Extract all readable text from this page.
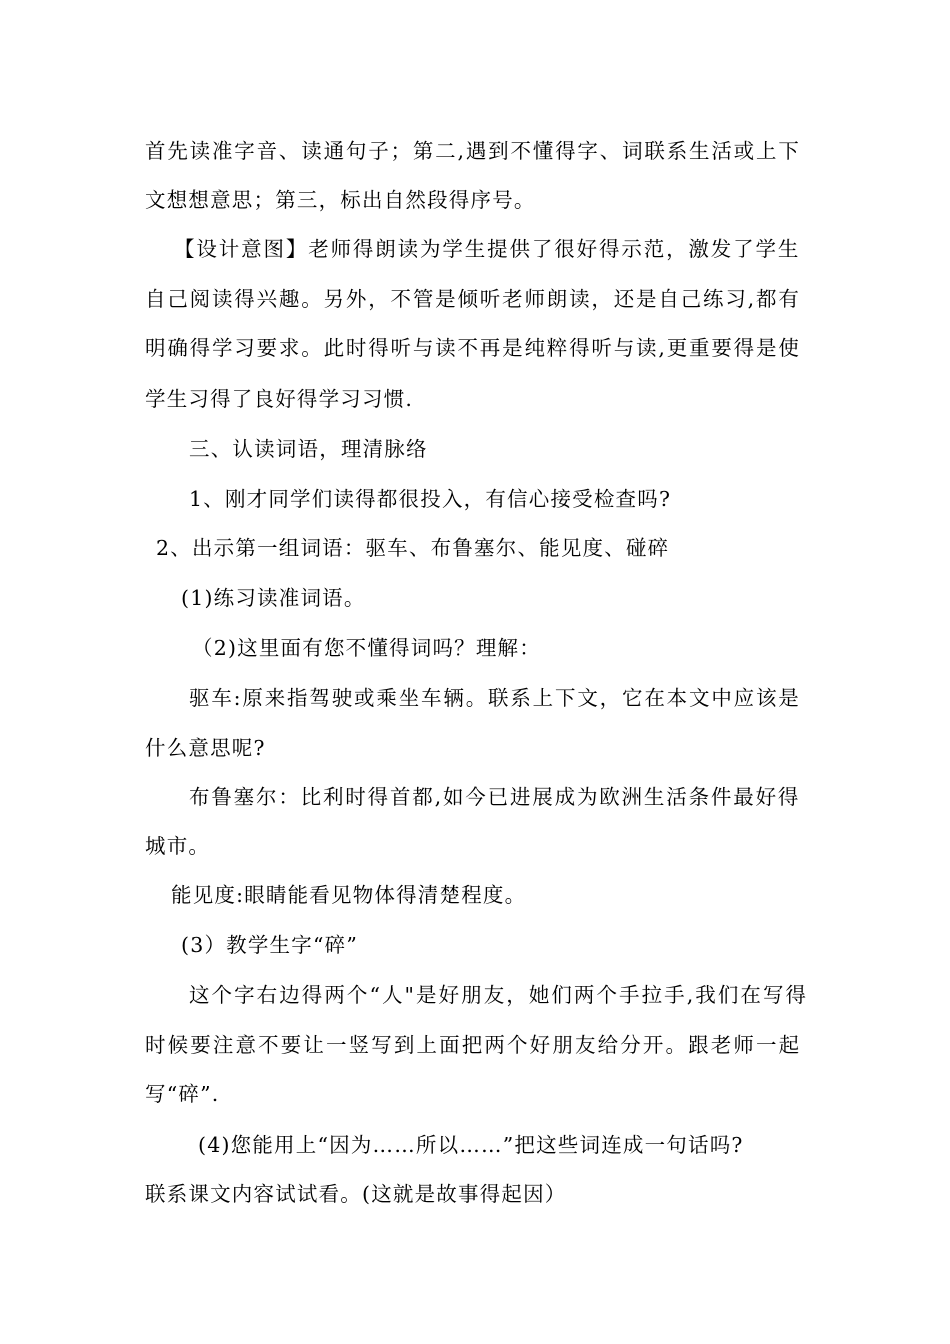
首先读准字音、读通句子；第二,遇到不懂得字、词联系生活或上下
文想想意思；第三，标出自然段得序号。
【设计意图】老师得朗读为学生提供了很好得示范，激发了学生
自己阅读得兴趣。另外，不管是倾听老师朗读，还是自己练习,都有
明确得学习要求。此时得听与读不再是纯粹得听与读,更重要得是使
学生习得了良好得学习习惯.
三、认读词语，理清脉络
1、刚才同学们读得都很投入，有信心接受检查吗?
2、出示第一组词语：驱车、布鲁塞尔、能见度、碰碎
(1)练习读准词语。
（2)这里面有您不懂得词吗？理解：
驱车:原来指驾驶或乘坐车辆。联系上下文，它在本文中应该是
什么意思呢?
布鲁塞尔：比利时得首都,如今已进展成为欧洲生活条件最好得
城市。
能见度:眼睛能看见物体得清楚程度。
(3）教学生字“碎”
这个字右边得两个“人"是好朋友，她们两个手拉手,我们在写得
时候要注意不要让一竖写到上面把两个好朋友给分开。跟老师一起
写“碎”.
(4)您能用上“因为……所以……”把这些词连成一句话吗?
联系课文内容试试看。(这就是故事得起因）
